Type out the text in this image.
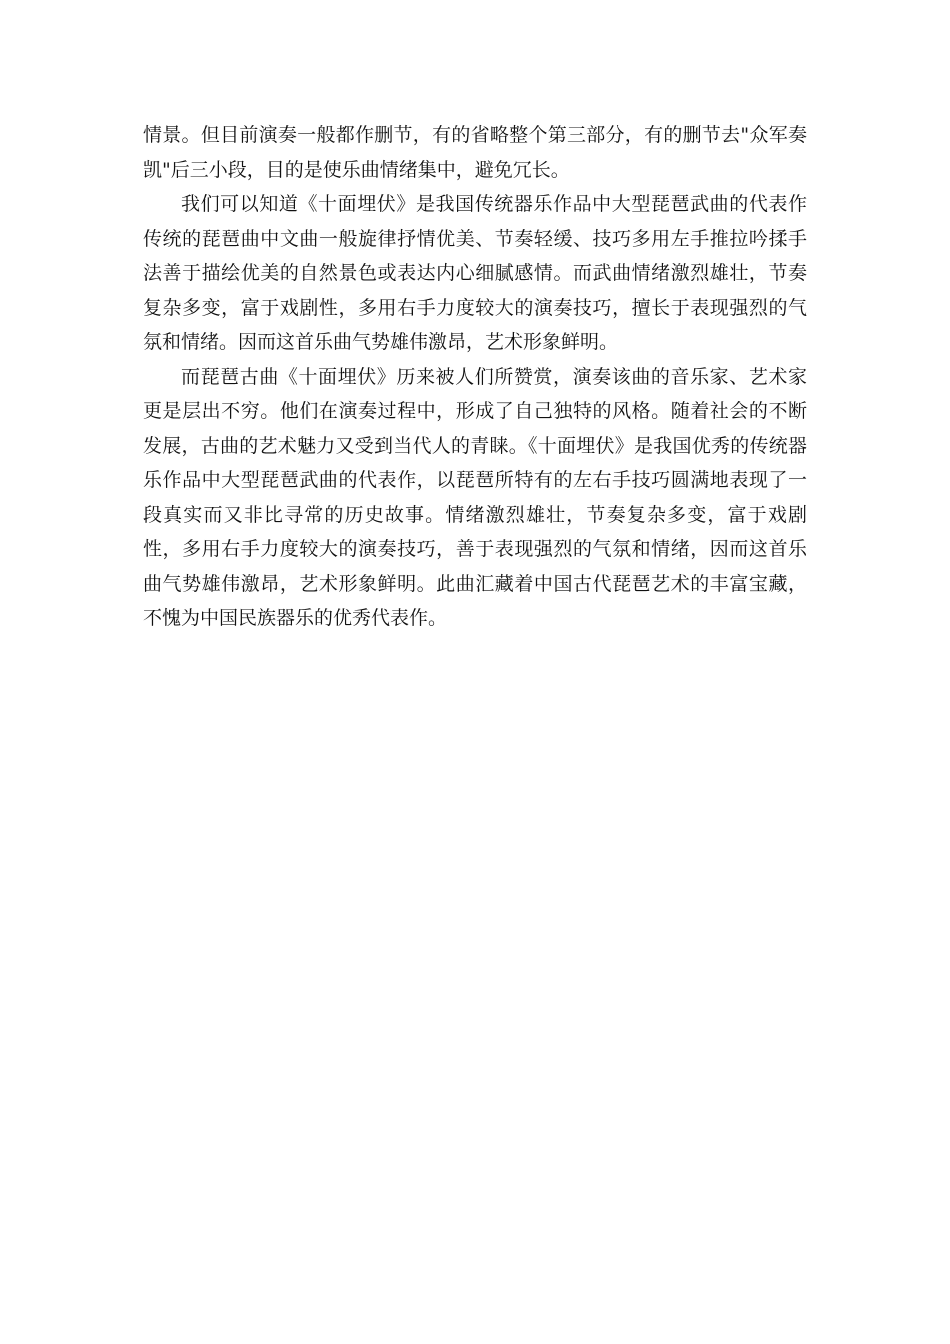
情景。但目前演奏一般都作删节，有的省略整个第三部分，有的删节去"众军奏凯"后三小段，目的是使乐曲情绪集中，避免冗长。

我们可以知道《十面埋伏》是我国传统器乐作品中大型琵琶武曲的代表作传统的琵琶曲中文曲一般旋律抒情优美、节奏轻缓、技巧多用左手推拉吟揉手法善于描绘优美的自然景色或表达内心细腻感情。而武曲情绪激烈雄壮，节奏复杂多变，富于戏剧性，多用右手力度较大的演奏技巧，擅长于表现强烈的气氛和情绪。因而这首乐曲气势雄伟激昂，艺术形象鲜明。

而琵琶古曲《十面埋伏》历来被人们所赞赏，演奏该曲的音乐家、艺术家更是层出不穷。他们在演奏过程中，形成了自己独特的风格。随着社会的不断发展，古曲的艺术魅力又受到当代人的青睐。《十面埋伏》是我国优秀的传统器乐作品中大型琵琶武曲的代表作，以琵琶所特有的左右手技巧圆满地表现了一段真实而又非比寻常的历史故事。情绪激烈雄壮，节奏复杂多变，富于戏剧性，多用右手力度较大的演奏技巧，善于表现强烈的气氛和情绪，因而这首乐曲气势雄伟激昂，艺术形象鲜明。此曲汇藏着中国古代琵琶艺术的丰富宝藏，不愧为中国民族器乐的优秀代表作。
